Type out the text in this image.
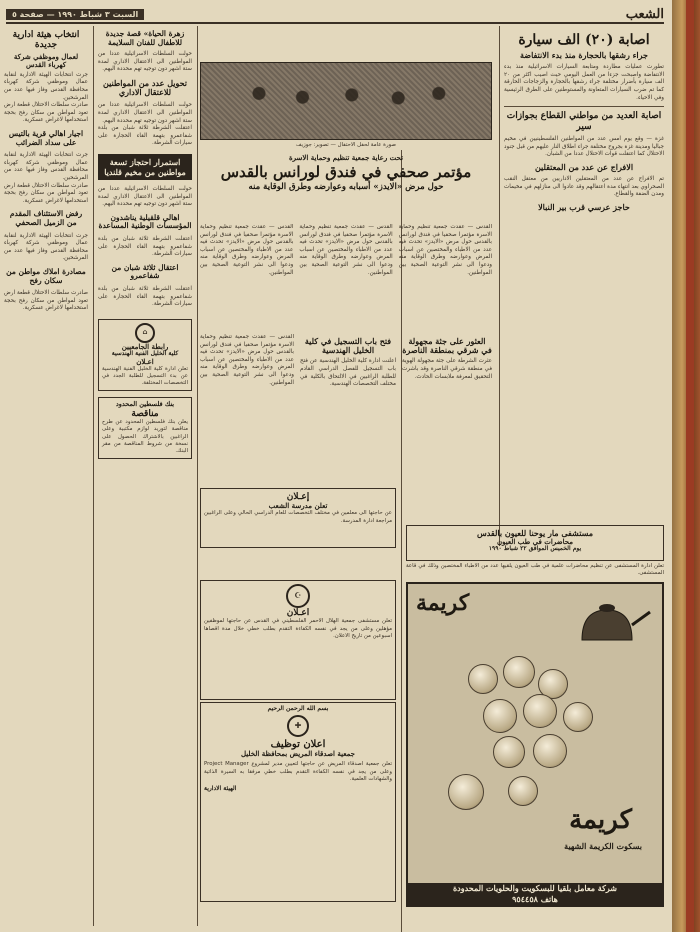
الشعب
السبت ٣ شباط ١٩٩٠ — صفحة ٥
اصابة (٢٠) الف سيارة
جراء رشقها بالحجارة منذ بدء الانتفاضة

تطورت عمليات مطاردة ومتابعة السيارات الاسرائيلية منذ بدء الانتفاضة واصبحت جزءا من العمل اليومي حيث اصيب اكثر من ٢٠ الف سيارة بأضرار مختلفة جراء رشقها بالحجارة والزجاجات الحارقة كما تم ضرب السيارات المتعاونة والمستوطنين على الطرق الرئيسية وفي الاحياء.

اصابة العديد من مواطني القطاع بجوازات سير

غزة — وقع يوم امس عدد من المواطنين الفلسطينيين في مخيم جباليا ومدينة غزة بجروح مختلفة جراء اطلاق النار عليهم من قبل جنود الاحتلال كما اعتقلت قوات الاحتلال عددا من الشبان.

الافراج عن عدد من المعتقلين

تم الافراج عن عدد من المعتقلين الاداريين من معتقل النقب الصحراوي بعد انتهاء مدة اعتقالهم وقد عادوا الى منازلهم في مخيمات ومدن الضفة والقطاع.

حاجز عرسي قرب بير النبالا
صورة عامة لحفل الاحتفال — تصوير: جوزيف
تحت رعاية جمعية تنظيم وحماية الاسرة
مؤتمر صحفي في فندق لورانس بالقدس
حول مرض «الايدز» أسبابه وعوارضه وطرق الوقاية منه

القدس — عقدت جمعية تنظيم وحماية الاسرة مؤتمرا صحفيا في فندق لورانس بالقدس حول مرض «الايدز» تحدث فيه عدد من الاطباء والمختصين عن اسباب المرض وعوارضه وطرق الوقاية منه ودعوا الى نشر التوعية الصحية بين المواطنين.

القدس — عقدت جمعية تنظيم وحماية الاسرة مؤتمرا صحفيا في فندق لورانس بالقدس حول مرض «الايدز» تحدث فيه عدد من الاطباء والمختصين عن اسباب المرض وعوارضه وطرق الوقاية منه ودعوا الى نشر التوعية الصحية بين المواطنين.

القدس — عقدت جمعية تنظيم وحماية الاسرة مؤتمرا صحفيا في فندق لورانس بالقدس حول مرض «الايدز» تحدث فيه عدد من الاطباء والمختصين عن اسباب المرض وعوارضه وطرق الوقاية منه ودعوا الى نشر التوعية الصحية بين المواطنين.

العثور على جثة مجهولة في شرقي بمنطقة الناصرة

عثرت الشرطة على جثة مجهولة الهوية في منطقة شرقي الناصرة وقد باشرت التحقيق لمعرفة ملابسات الحادث.

فتح باب التسجيل في كلية الخليل الهندسية

اعلنت ادارة كلية الخليل الهندسية عن فتح باب التسجيل للفصل الدراسي القادم للطلبة الراغبين في الالتحاق بالكلية في مختلف التخصصات الهندسية.

القدس — عقدت جمعية تنظيم وحماية الاسرة مؤتمرا صحفيا في فندق لورانس بالقدس حول مرض «الايدز» تحدث فيه عدد من الاطباء والمختصين عن اسباب المرض وعوارضه وطرق الوقاية منه ودعوا الى نشر التوعية الصحية بين المواطنين.

إعـلان
تعلن مدرسة الشعب

عن حاجتها الى معلمين في مختلف التخصصات للعام الدراسي الحالي وعلى الراغبين مراجعة ادارة المدرسة.

☪
اعـلان

تعلن مستشفى جمعية الهلال الاحمر الفلسطيني في القدس عن حاجتها لموظفين مؤهلين وعلى من يجد في نفسه الكفاءة التقدم بطلب خطي خلال مدة اقصاها اسبوعين من تاريخ الاعلان.

بسم الله الرحمن الرحيم
✚
اعلان توظيف
جمعية اصدقاء المريض بمحافظة الخليل

تعلن جمعية اصدقاء المريض عن حاجتها لتعيين مدير لمشروع Project Manager وعلى من يجد في نفسه الكفاءة التقدم بطلب خطي مرفقا به السيرة الذاتية والشهادات العلمية.

الهيئة الادارية
مستشفى مار يوحنا للعيون بالقدس
محاضرات في طب العيون
يوم الخميس الموافق ٢٢ شباط ١٩٩٠
تعلن ادارة المستشفى عن تنظيم محاضرات علمية في طب العيون يلقيها عدد من الاطباء المختصين وذلك في قاعة المستشفى.
كريمة
كريمة
بسكوت الكريمة الشهية
شركة معامل بلقيا للبسكويت والحلويات المحدودة
هاتف ٩٥٤٤٥٨
زهرة الحياة» قصة جديدة للاطفال للفنان السلايمة

حولت السلطات الاسرائيلية عددا من المواطنين الى الاعتقال الاداري لمدة ستة اشهر دون توجيه تهم محددة اليهم.

تحويل عدد من المواطنين للاعتقال الاداري

حولت السلطات الاسرائيلية عددا من المواطنين الى الاعتقال الاداري لمدة ستة اشهر دون توجيه تهم محددة اليهم.

اعتقلت الشرطة ثلاثة شبان من بلدة شفاعمرو بتهمة القاء الحجارة على سيارات الشرطة.

استمرار احتجاز تسعة مواطنين من مخيم قلنديا

حولت السلطات الاسرائيلية عددا من المواطنين الى الاعتقال الاداري لمدة ستة اشهر دون توجيه تهم محددة اليهم.

اهالي قلقيلية يناشدون المؤسسات الوطنية المساعدة

اعتقلت الشرطة ثلاثة شبان من بلدة شفاعمرو بتهمة القاء الحجارة على سيارات الشرطة.

اعتقال ثلاثة شبان من شفاعمرو

اعتقلت الشرطة ثلاثة شبان من بلدة شفاعمرو بتهمة القاء الحجارة على سيارات الشرطة.

⌂
رابطة الجامعيين
كلية الخليل الفنية الهندسية
اعـلان

تعلن ادارة كلية الخليل الفنية الهندسية عن بدء التسجيل للطلبة الجدد في التخصصات المختلفة.

بنك فلسطين المحدود
مناقصة

يعلن بنك فلسطين المحدود عن طرح مناقصة لتوريد لوازم مكتبية وعلى الراغبين بالاشتراك الحصول على نسخة من شروط المناقصة من مقر البنك.

انتخاب هيئة ادارية جديدة
لعمال وموظفي شركة كهرباء القدس

جرت انتخابات الهيئة الادارية لنقابة عمال وموظفي شركة كهرباء محافظة القدس وفاز فيها عدد من المرشحين.

صادرت سلطات الاحتلال قطعة ارض تعود لمواطن من سكان رفح بحجة استخدامها لاغراض عسكرية.

اجيار اهالي قرية بالتيس على سداد الضرائب

جرت انتخابات الهيئة الادارية لنقابة عمال وموظفي شركة كهرباء محافظة القدس وفاز فيها عدد من المرشحين.

صادرت سلطات الاحتلال قطعة ارض تعود لمواطن من سكان رفح بحجة استخدامها لاغراض عسكرية.

رفض الاستئناف المقدم من الزميل الصحفي

جرت انتخابات الهيئة الادارية لنقابة عمال وموظفي شركة كهرباء محافظة القدس وفاز فيها عدد من المرشحين.

مصادرة املاك مواطن من سكان رفح

صادرت سلطات الاحتلال قطعة ارض تعود لمواطن من سكان رفح بحجة استخدامها لاغراض عسكرية.
